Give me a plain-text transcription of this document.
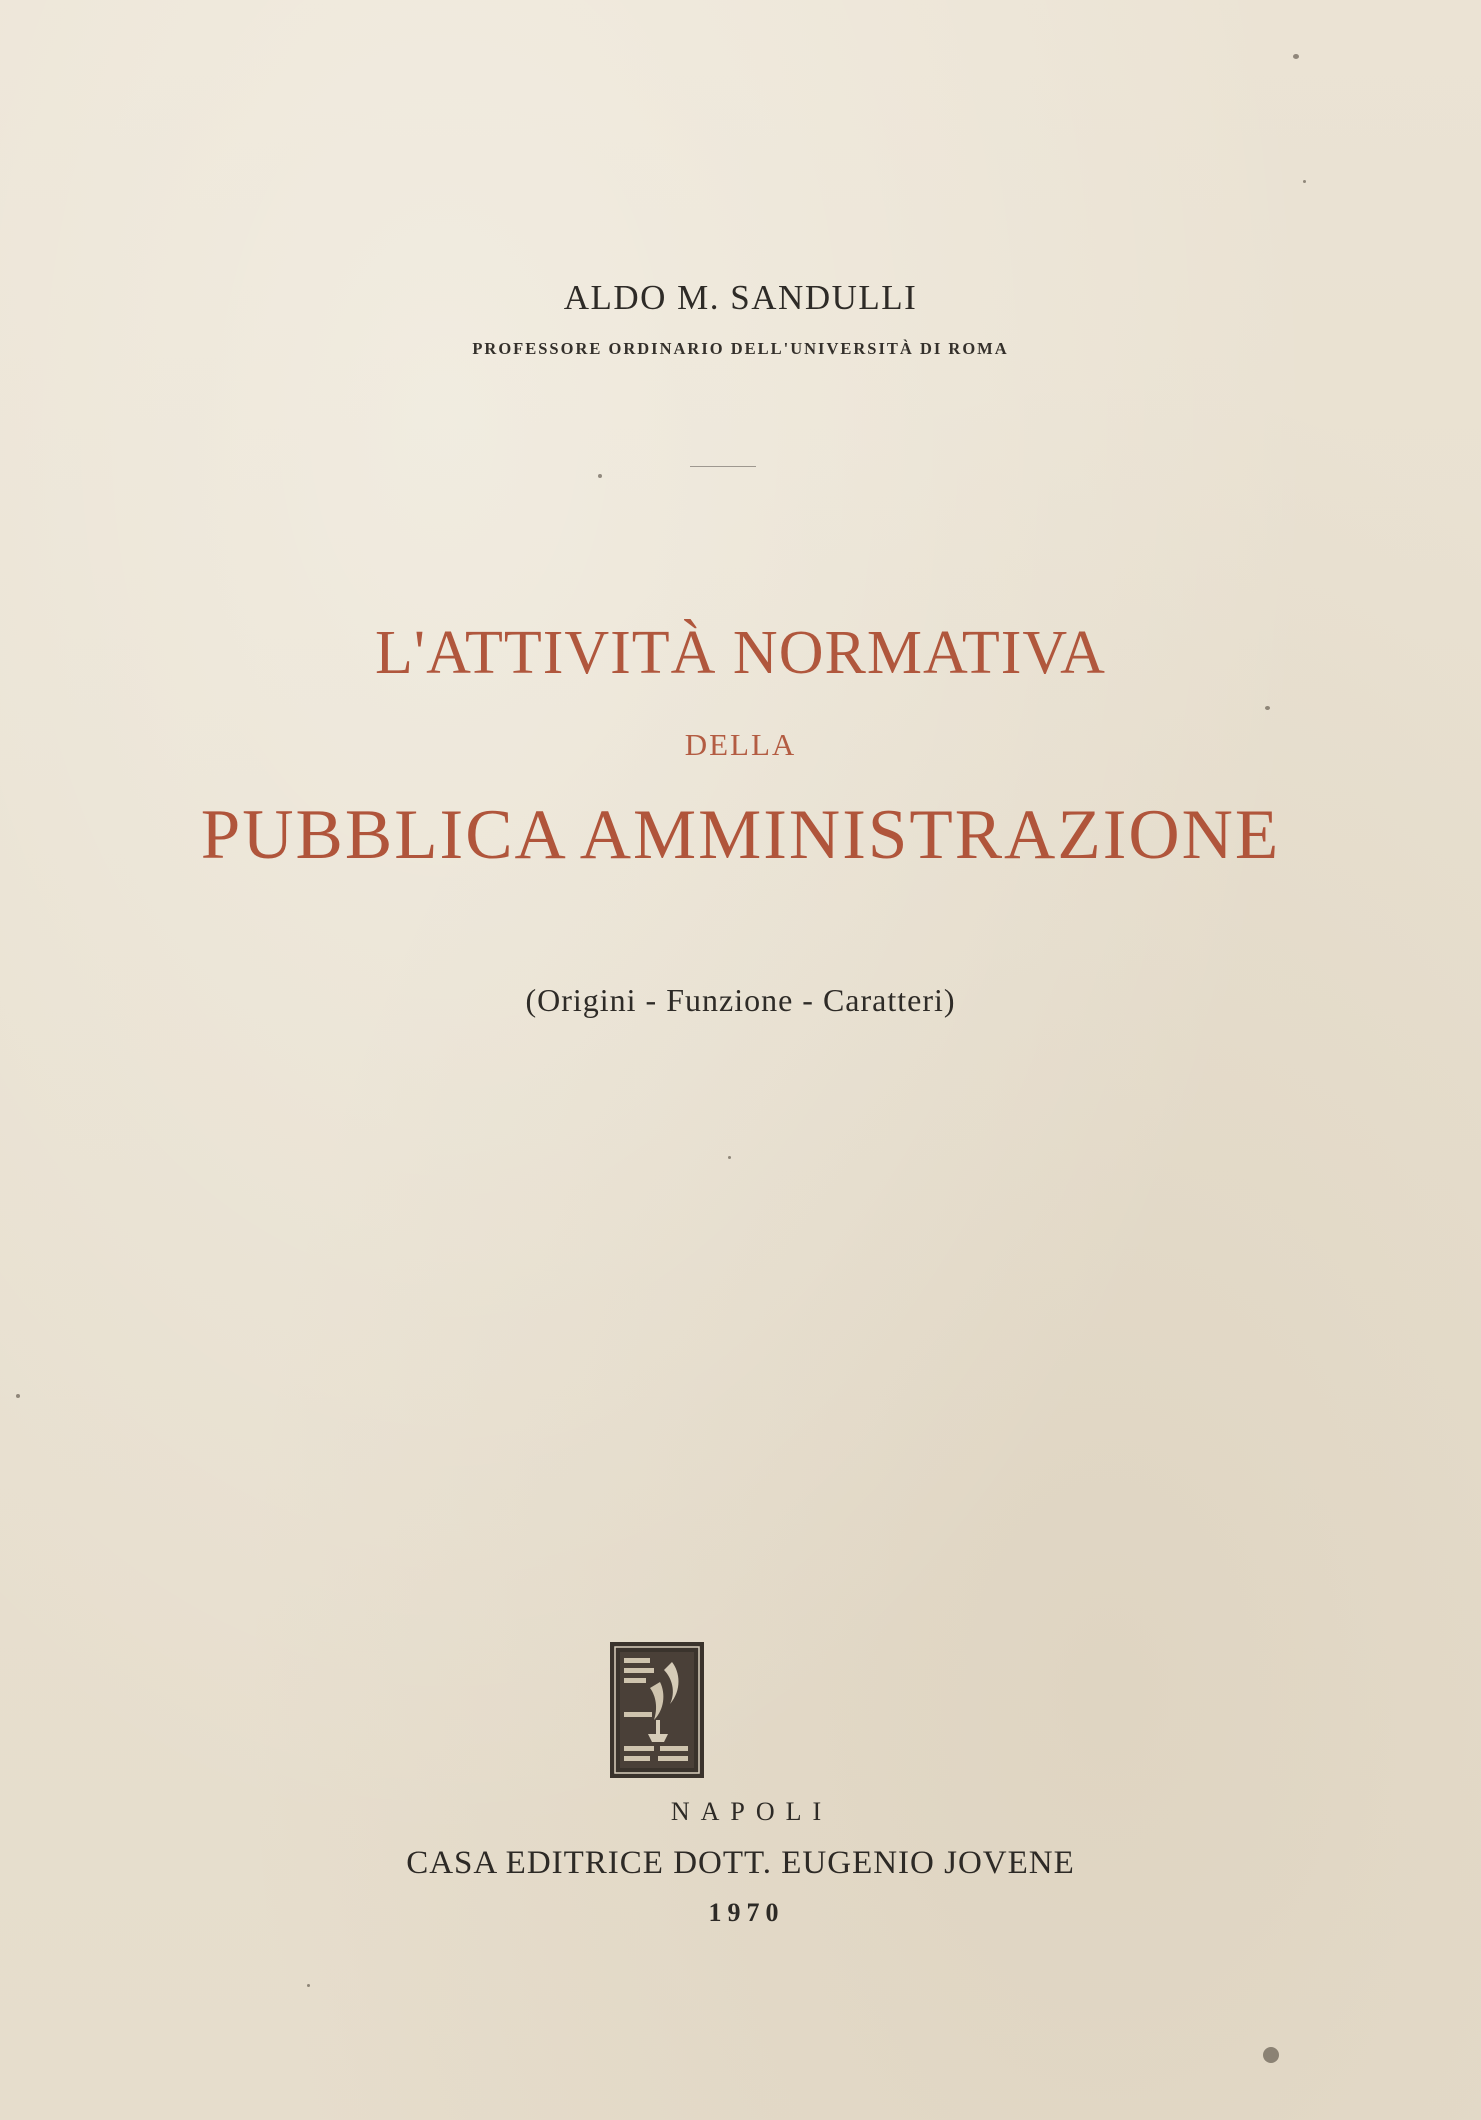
ALDO M. SANDULLI
PROFESSORE ORDINARIO DELL'UNIVERSITÀ DI ROMA
L'ATTIVITÀ NORMATIVA
DELLA
PUBBLICA AMMINISTRAZIONE
(Origini - Funzione - Caratteri)
NAPOLI
CASA EDITRICE DOTT. EUGENIO JOVENE
1970
